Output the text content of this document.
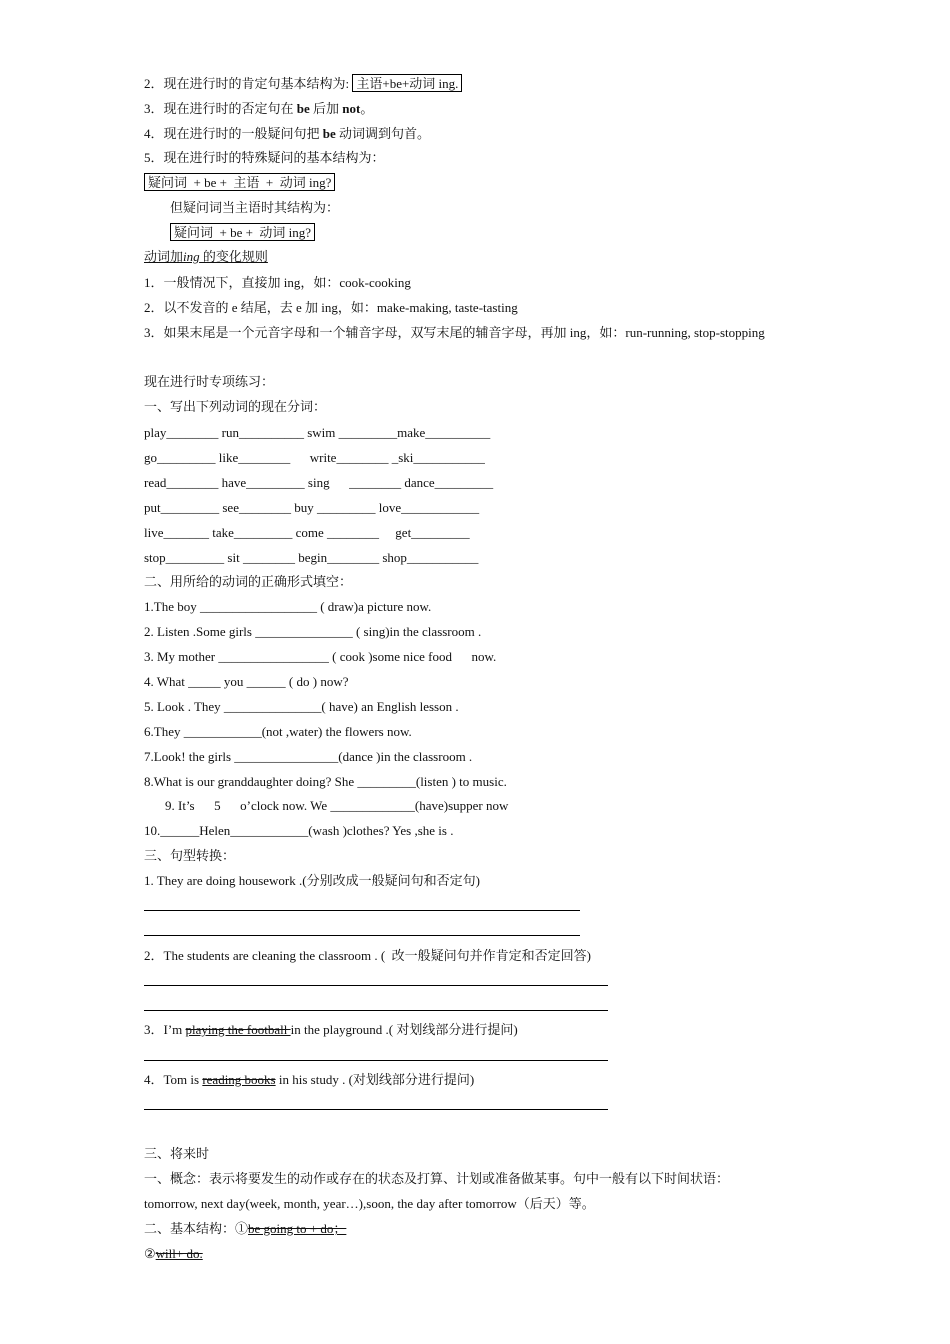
2．现在进行时的肯定句基本结构为: 主语+be+动词 ing.
3．现在进行时的否定句在 be 后加 not。
4．现在进行时的一般疑问句把 be 动词调到句首。
5．现在进行时的特殊疑问的基本结构为：
疑问词  + be +  主语  +  动词 ing?
但疑问词当主语时其结构为：
疑问词  + be +  动词 ing?
动词加ing 的变化规则
1．一般情况下，直接加 ing，如：cook-cooking
2．以不发音的 e 结尾，去 e 加 ing，如：make-making, taste-tasting
3．如果末尾是一个元音字母和一个辅音字母，双写末尾的辅音字母，再加 ing，如：run-running, stop-stopping
现在进行时专项练习：
一、写出下列动词的现在分词：
play________ run__________ swim _________make__________
go_________ like________      write________ _ski___________
read________ have_________ sing      ________ dance_________
put_________ see________ buy _________ love____________
live_______ take_________ come ________     get_________
stop_________ sit ________ begin________ shop___________
二、用所给的动词的正确形式填空：
1.The boy __________________ ( draw)a picture now.
2. Listen .Some girls _______________ ( sing)in the classroom .
3. My mother _________________ ( cook )some nice food      now.
4. What _____ you ______ ( do ) now?
5. Look . They _______________( have) an English lesson .
6.They ____________(not ,water) the flowers now.
7.Look! the girls ________________(dance )in the classroom .
8.What is our granddaughter doing? She _________(listen ) to music.
9. It’s      5      o’clock now. We _____________(have)supper now
10.______Helen____________(wash )clothes? Yes ,she is .
三、句型转换：
1. They are doing housework .(分别改成一般疑问句和否定句)
2．The students are cleaning the classroom . (  改一般疑问句并作肯定和否定回答)
3．I’m playing the football in the playground .( 对划线部分进行提问)
4．Tom is reading books in his study . (对划线部分进行提问)
三、将来时
一、概念：表示将要发生的动作或存在的状态及打算、计划或准备做某事。句中一般有以下时间状语：
tomorrow, next day(week, month, year…),soon, the day after tomorrow（后天）等。
二、基本结构：①be going to + do；
②will+ do.
